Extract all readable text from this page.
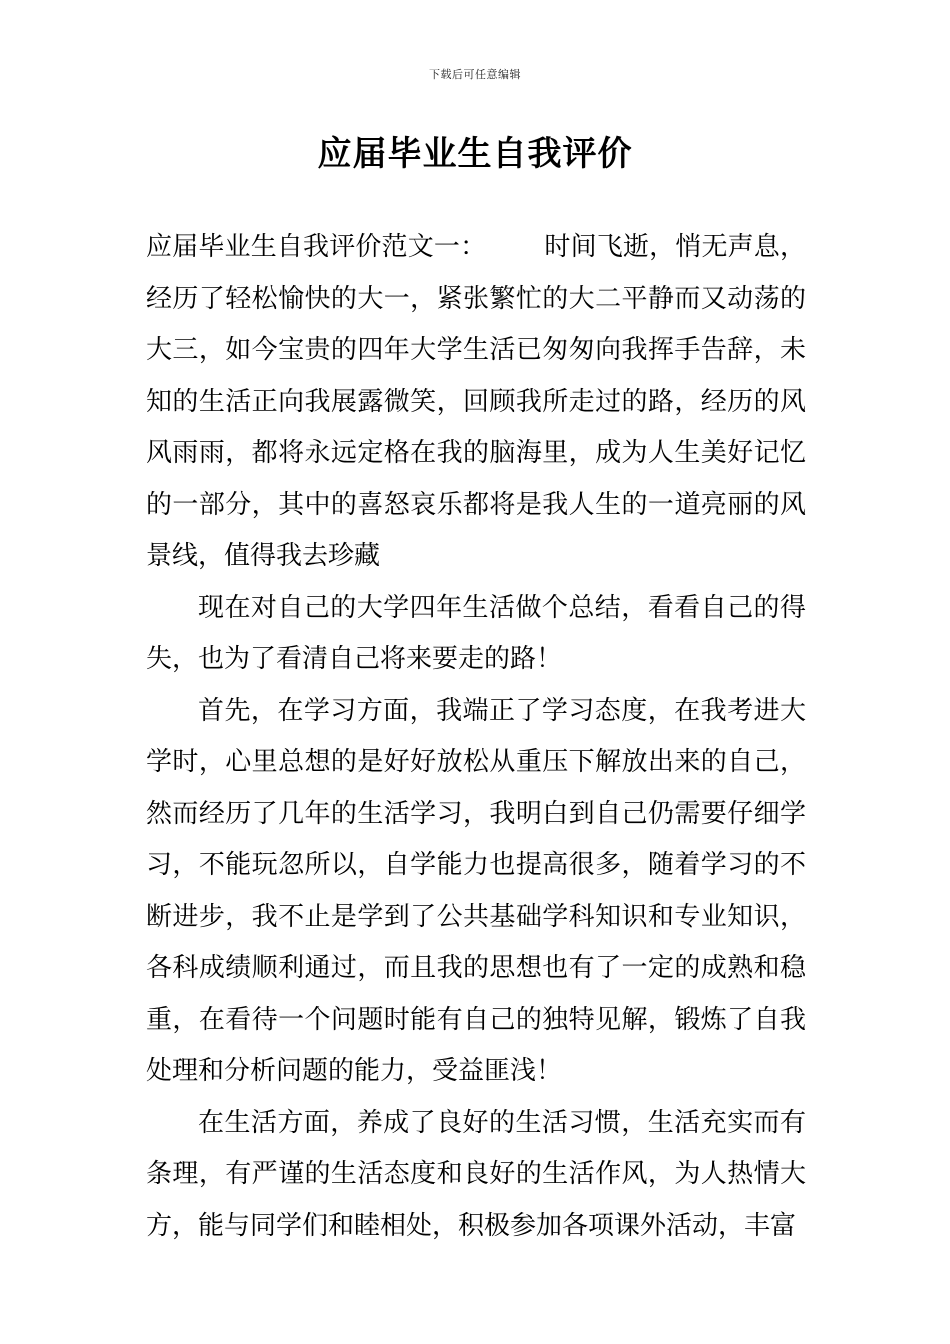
下载后可任意编辑
应届毕业生自我评价

应届毕业生自我评价范文一： 时间飞逝，悄无声息，经历了轻松愉快的大一，紧张繁忙的大二平静而又动荡的大三，如今宝贵的四年大学生活已匆匆向我挥手告辞，未知的生活正向我展露微笑，回顾我所走过的路，经历的风风雨雨，都将永远定格在我的脑海里，成为人生美好记忆的一部分，其中的喜怒哀乐都将是我人生的一道亮丽的风景线，值得我去珍藏

现在对自己的大学四年生活做个总结，看看自己的得失，也为了看清自己将来要走的路！

首先，在学习方面，我端正了学习态度，在我考进大学时，心里总想的是好好放松从重压下解放出来的自己，然而经历了几年的生活学习，我明白到自己仍需要仔细学习，不能玩忽所以，自学能力也提高很多，随着学习的不断进步，我不止是学到了公共基础学科知识和专业知识，各科成绩顺利通过，而且我的思想也有了一定的成熟和稳重，在看待一个问题时能有自己的独特见解，锻炼了自我处理和分析问题的能力，受益匪浅！

在生活方面，养成了良好的生活习惯，生活充实而有条理，有严谨的生活态度和良好的生活作风，为人热情大方，能与同学们和睦相处，积极参加各项课外活动，丰富
